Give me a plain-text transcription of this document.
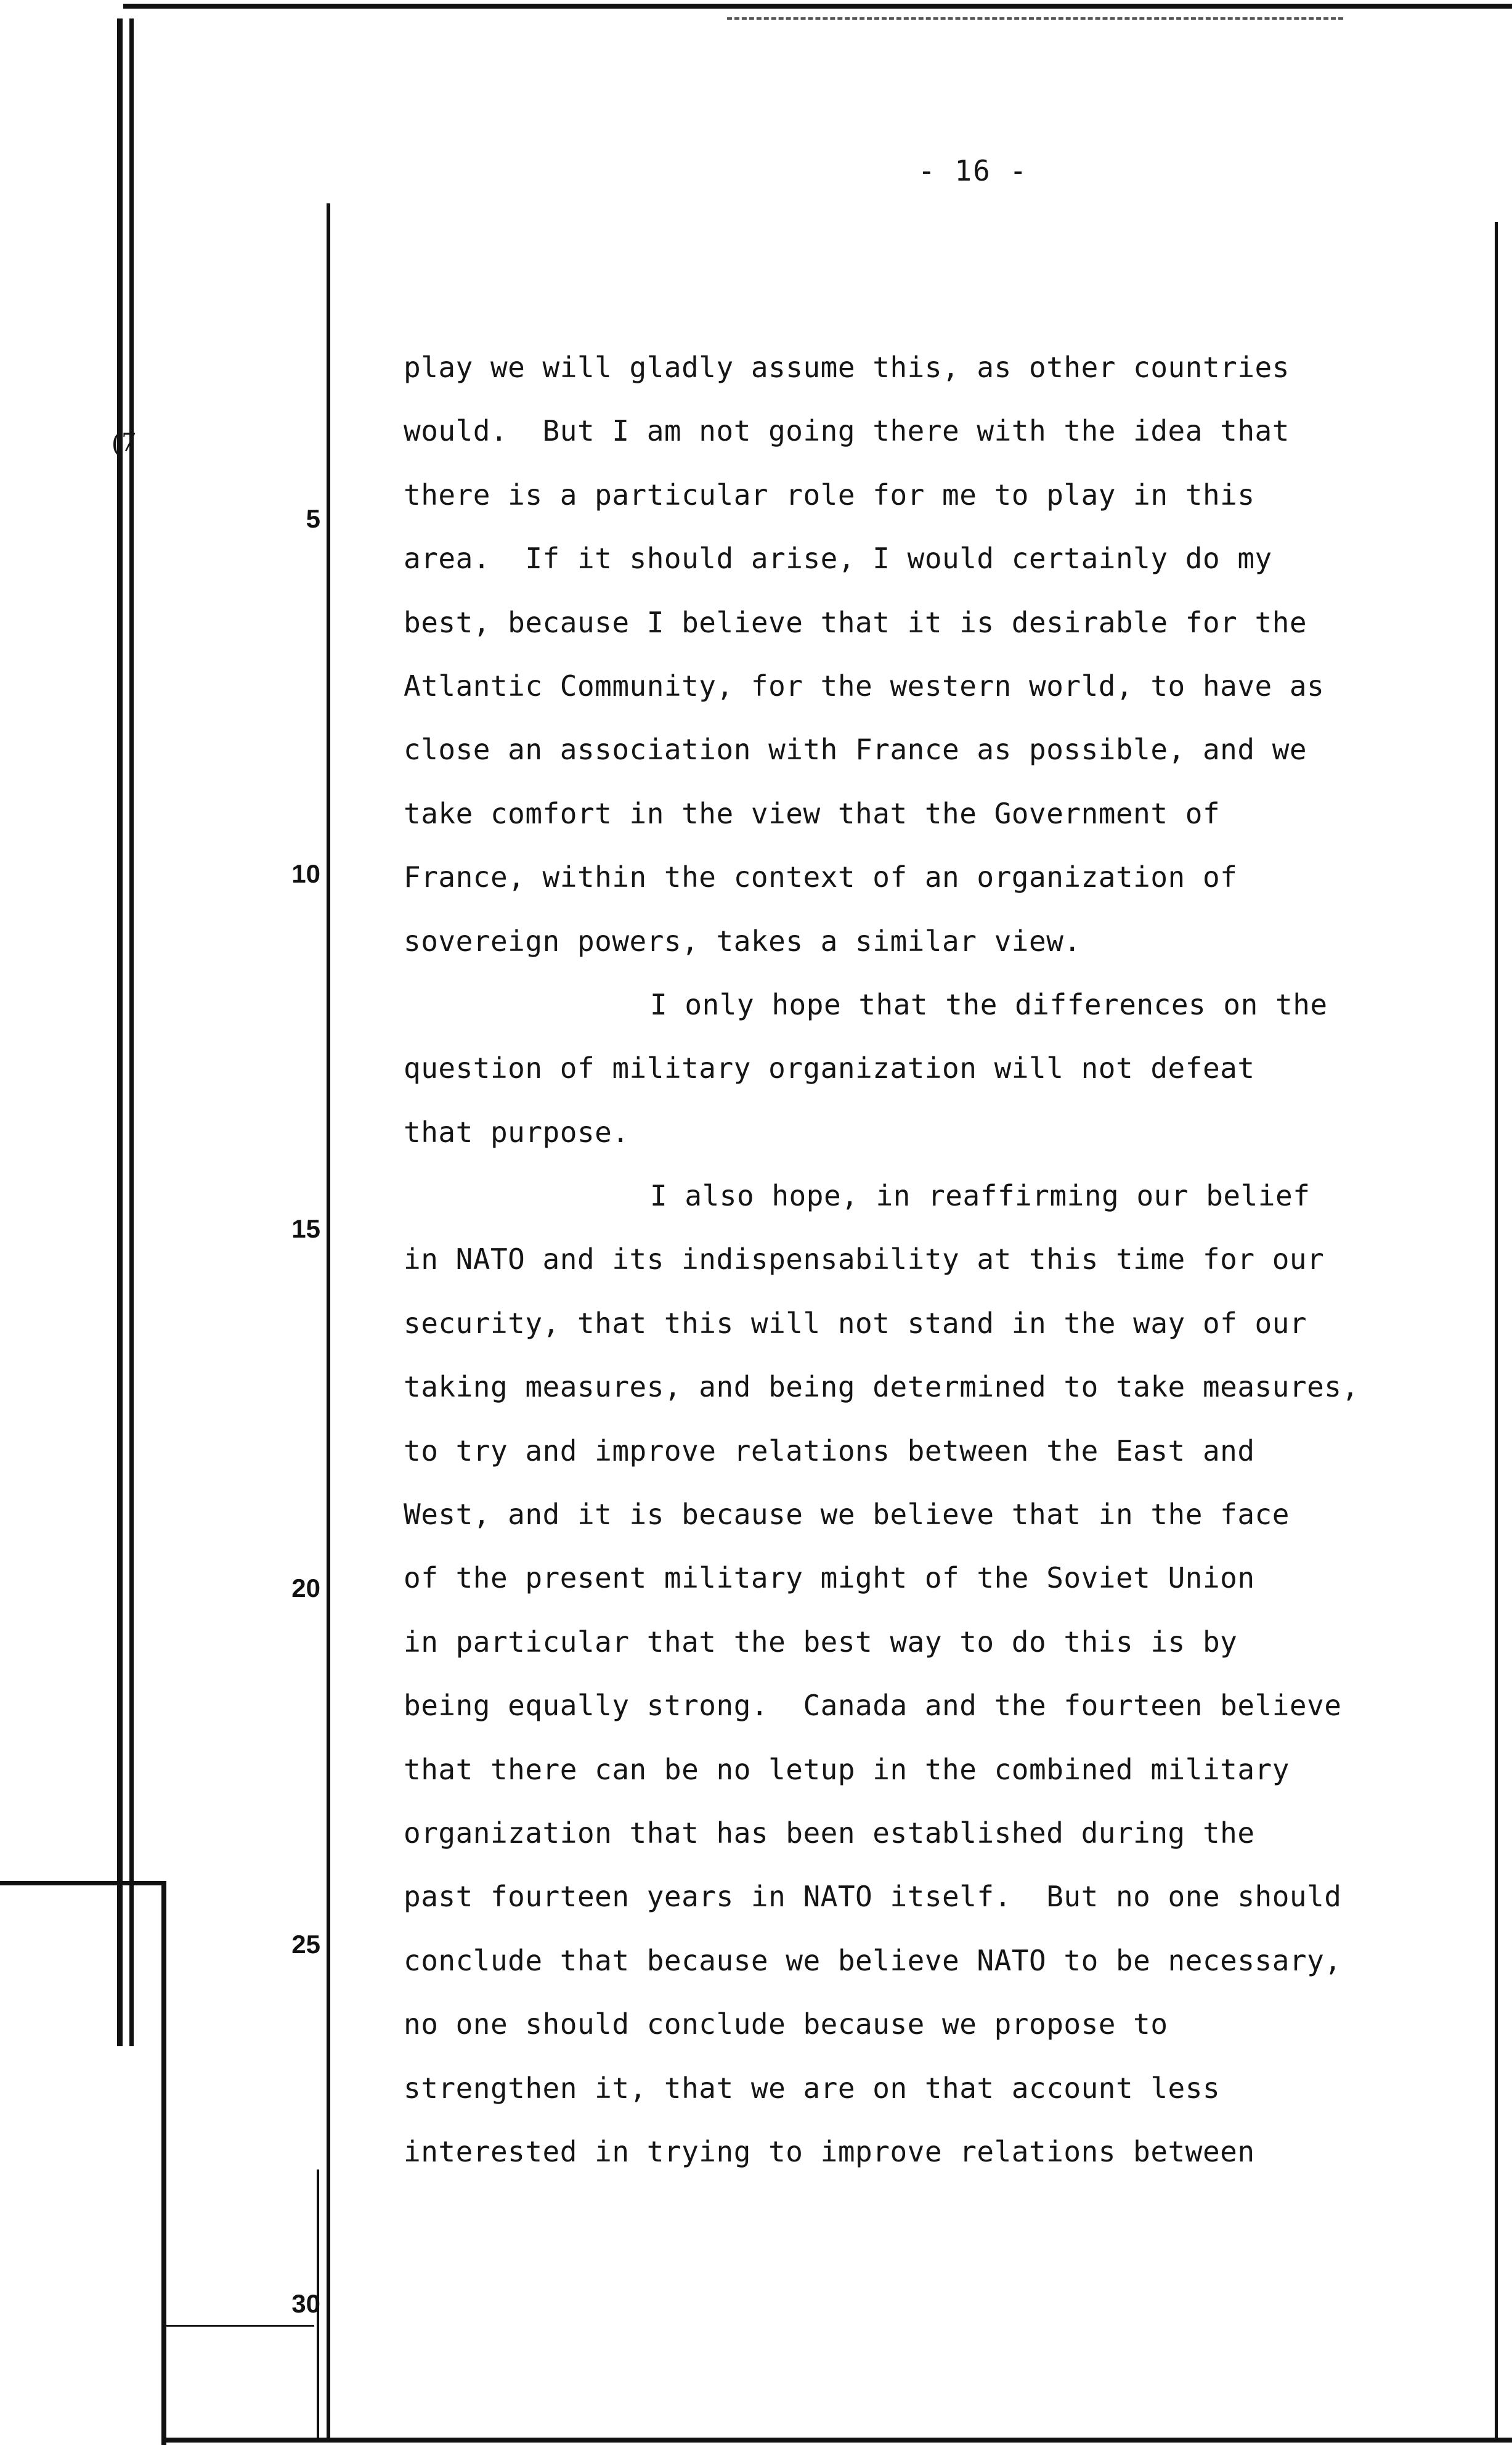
(7
- 16 -
5
10
15
20
25
30
play we will gladly assume this, as other countries
would.  But I am not going there with the idea that
there is a particular role for me to play in this
area.  If it should arise, I would certainly do my
best, because I believe that it is desirable for the
Atlantic Community, for the western world, to have as
close an association with France as possible, and we
take comfort in the view that the Government of
France, within the context of an organization of
sovereign powers, takes a similar view.
I only hope that the differences on the
question of military organization will not defeat
that purpose.
I also hope, in reaffirming our belief
in NATO and its indispensability at this time for our
security, that this will not stand in the way of our
taking measures, and being determined to take measures,
to try and improve relations between the East and
West, and it is because we believe that in the face
of the present military might of the Soviet Union
in particular that the best way to do this is by
being equally strong.  Canada and the fourteen believe
that there can be no letup in the combined military
organization that has been established during the
past fourteen years in NATO itself.  But no one should
conclude that because we believe NATO to be necessary,
no one should conclude because we propose to
strengthen it, that we are on that account less
interested in trying to improve relations between
